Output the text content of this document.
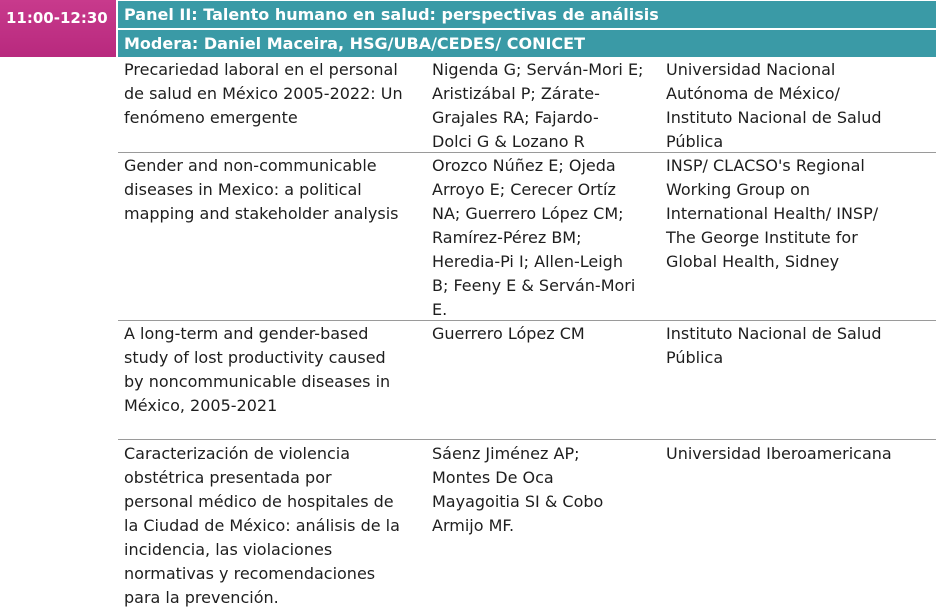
11:00-12:30	Panel II: Talento humano en salud: perspectivas de análisis
Modera: Daniel Maceira, HSG/UBA/CEDES/ CONICET
Precariedad laboral en el personal
de salud en México 2005-2022: Un
fenómeno emergente
Nigenda G; Serván-Mori E;
Aristizábal P; Zárate-
Grajales RA; Fajardo-
Dolci G & Lozano R
Universidad Nacional
Autónoma de México/
Instituto Nacional de Salud
Pública
Gender and non-communicable
diseases in Mexico: a political
mapping and stakeholder analysis
Orozco Núñez E; Ojeda
Arroyo E; Cerecer Ortíz
NA; Guerrero López CM;
Ramírez-Pérez BM;
Heredia-Pi I; Allen-Leigh
B; Feeny E & Serván-Mori
E.
INSP/ CLACSO's Regional
Working Group on
International Health/ INSP/
The George Institute for
Global Health, Sidney
A long-term and gender-based
study of lost productivity caused
by noncommunicable diseases in
México, 2005-2021
Guerrero López CM	Instituto Nacional de Salud
Pública
Caracterización de violencia
obstétrica presentada por
personal médico de hospitales de
la Ciudad de México: análisis de la
incidencia, las violaciones
normativas y recomendaciones
para la prevención.
Sáenz Jiménez AP;
Montes De Oca
Mayagoitia SI & Cobo
Armijo MF.
Universidad Iberoamericana
